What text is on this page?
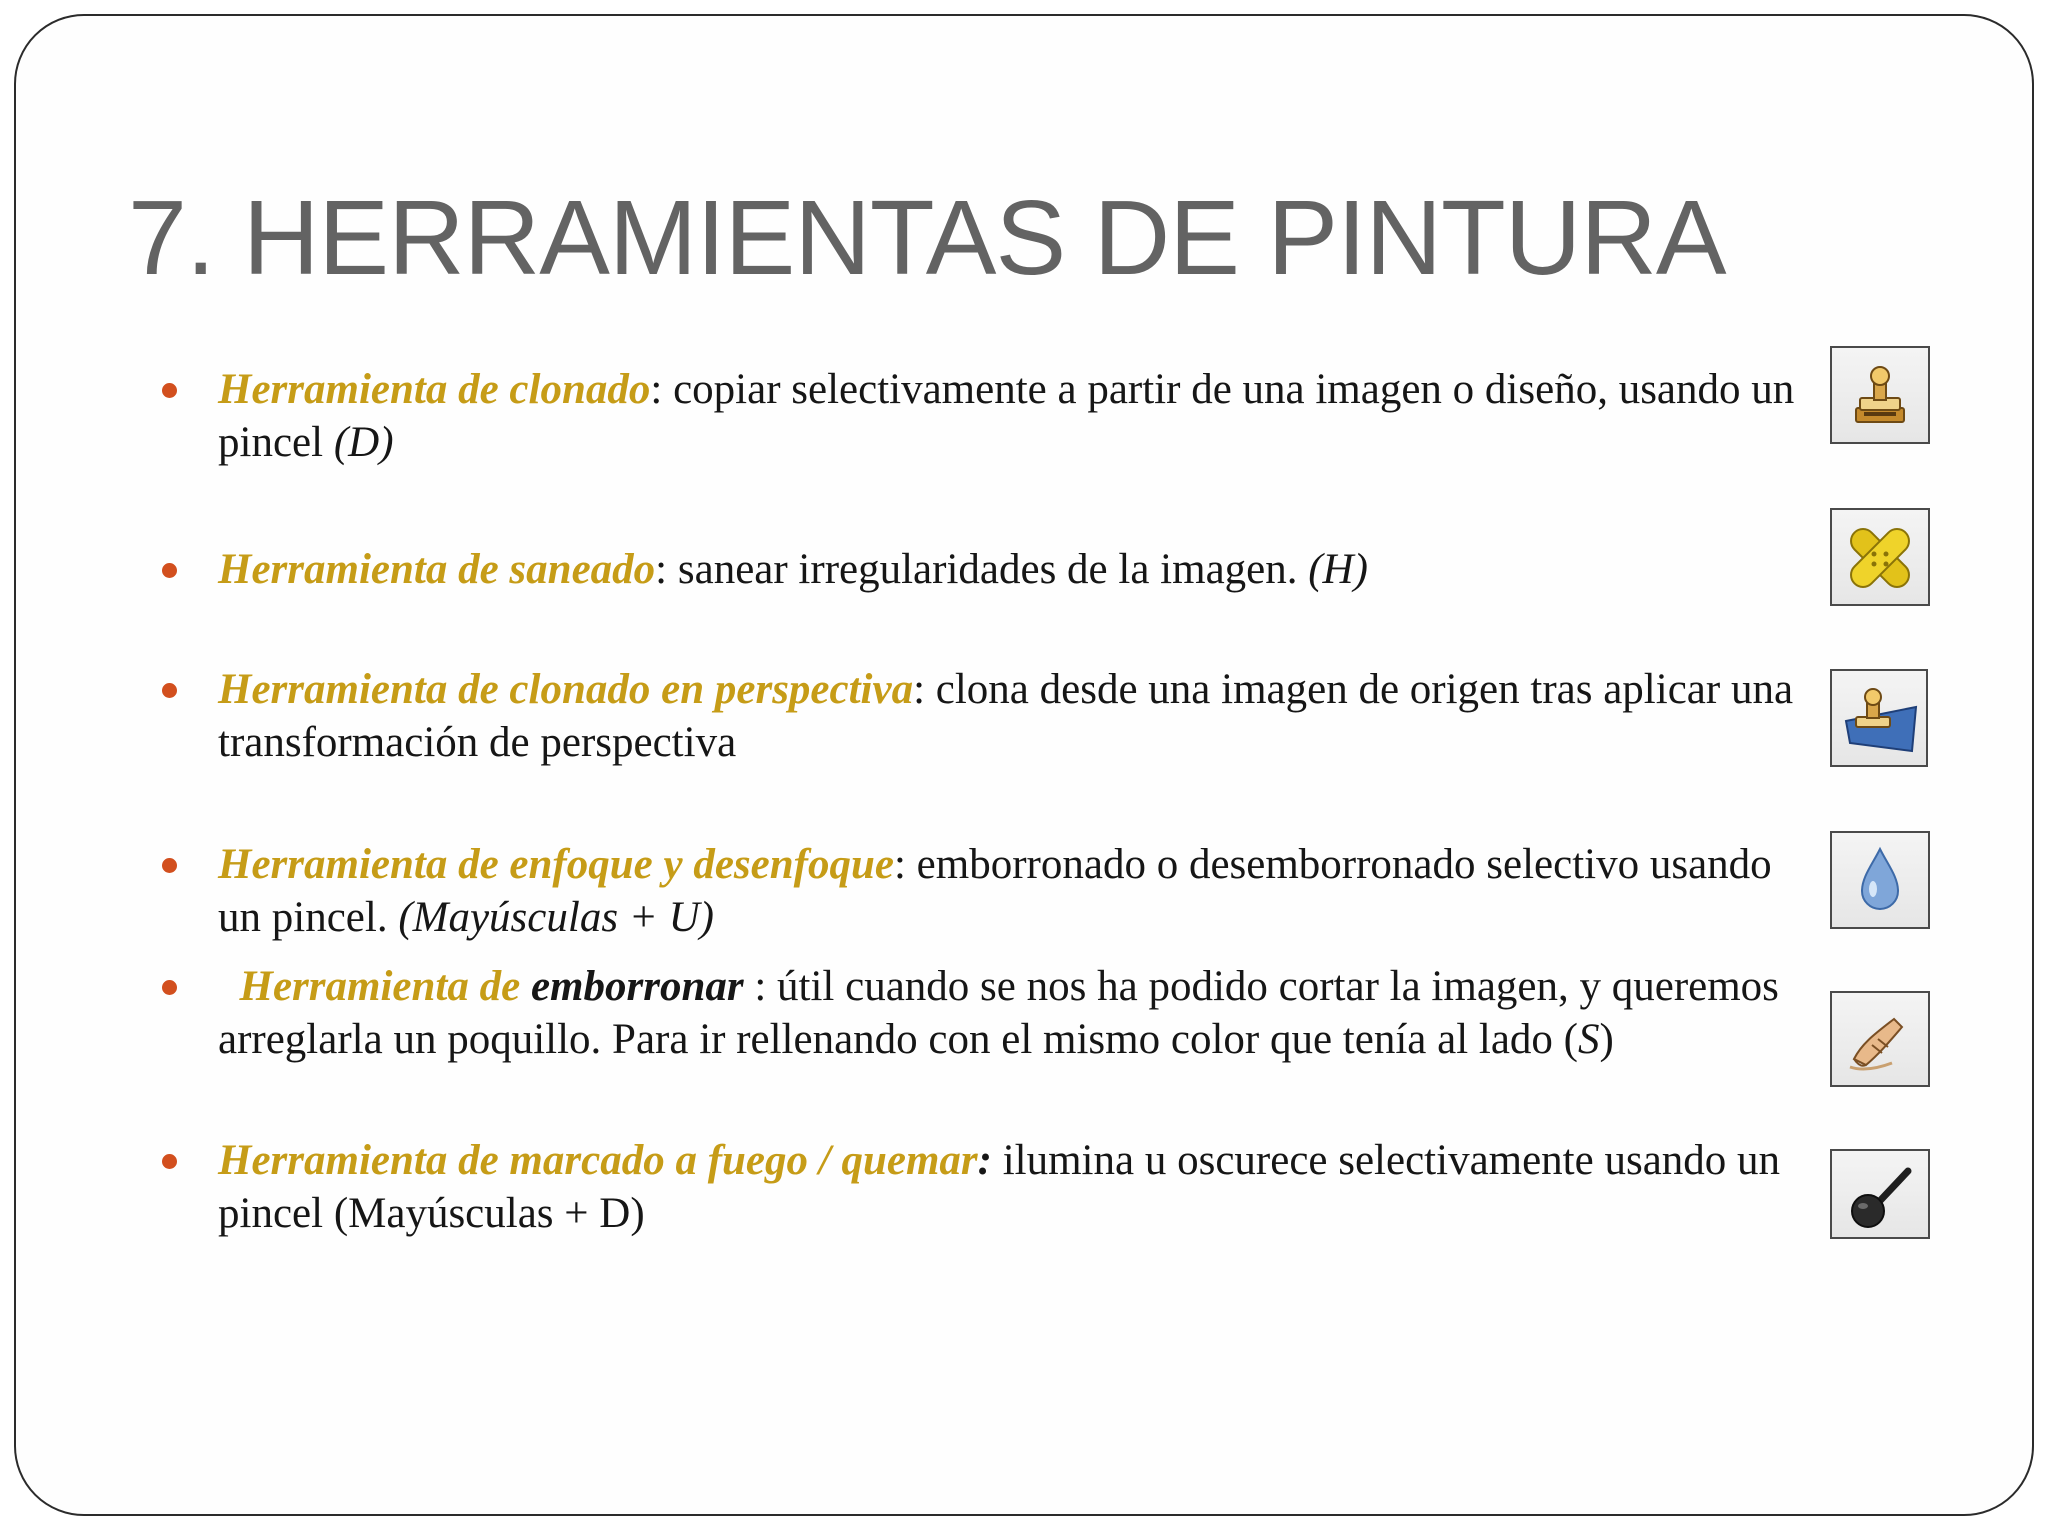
7. HERRAMIENTAS DE PINTURA
Herramienta de clonado: copiar selectivamente a partir de una imagen o diseño, usando un pincel (D)
Herramienta de saneado: sanear irregularidades de la imagen. (H)
Herramienta de clonado en perspectiva: clona desde una imagen de origen tras aplicar una transformación de perspectiva
Herramienta de enfoque y desenfoque: emborronado o desemborronado selectivo usando un pincel. (Mayúsculas + U)
Herramienta de emborronar : útil cuando se nos ha podido cortar la imagen, y queremos arreglarla un poquillo. Para ir rellenando con el mismo color que tenía al lado (S)
Herramienta de marcado a fuego / quemar: ilumina u oscurece selectivamente usando un pincel (Mayúsculas + D)
